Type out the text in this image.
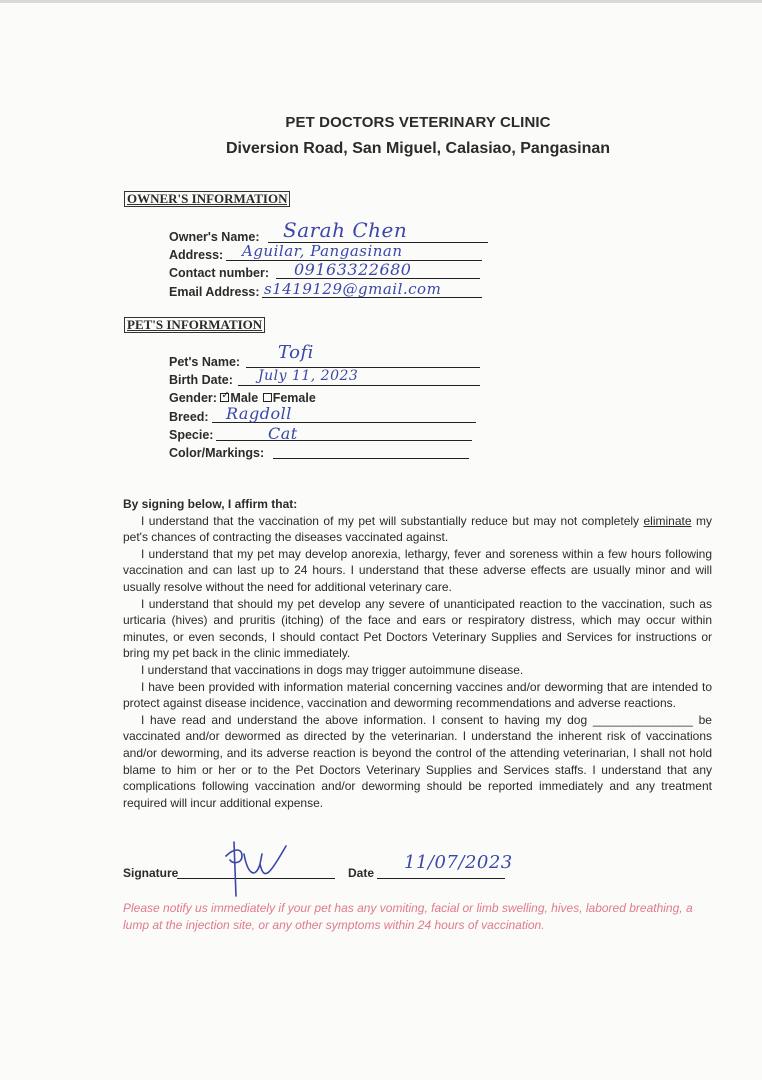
PET DOCTORS VETERINARY CLINIC
Diversion Road, San Miguel, Calasiao, Pangasinan
OWNER'S INFORMATION
Owner's Name: Sarah Chen
Address: Aguilar, Pangasinan
Contact number: 09163322680
Email Address: s1419129@gmail.com
PET'S INFORMATION
Pet's Name: Tofi
Birth Date: July 11, 2023
Gender: ✓ Male Female
Breed: Ragdoll
Specie:	Cat
Color/Markings:

By signing below, I affirm that:

I understand that the vaccination of my pet will substantially reduce but may not completely eliminate my pet's chances of contracting the diseases vaccinated against.

I understand that my pet may develop anorexia, lethargy, fever and soreness within a few hours following vaccination and can last up to 24 hours. I understand that these adverse effects are usually minor and will usually resolve without the need for additional veterinary care.

I understand that should my pet develop any severe of unanticipated reaction to the vaccination, such as urticaria (hives) and pruritis (itching) of the face and ears or respiratory distress, which may occur within minutes, or even seconds, I should contact Pet Doctors Veterinary Supplies and Services for instructions or bring my pet back in the clinic immediately.

I understand that vaccinations in dogs may trigger autoimmune disease.

I have been provided with information material concerning vaccines and/or deworming that are intended to protect against disease incidence, vaccination and deworming recommendations and adverse reactions.

I have read and understand the above information. I consent to having my dog _______________ be vaccinated and/or dewormed as directed by the veterinarian. I understand the inherent risk of vaccinations and/or deworming, and its adverse reaction is beyond the control of the attending veterinarian, I shall not hold blame to him or her or to the Pet Doctors Veterinary Supplies and Services staffs. I understand that any complications following vaccination and/or deworming should be reported immediately and any treatment required will incur additional expense.

Signature	Date 11/07/2023
Please notify us immediately if your pet has any vomiting, facial or limb swelling, hives, labored breathing, a lump at the injection site, or any other symptoms within 24 hours of vaccination.
